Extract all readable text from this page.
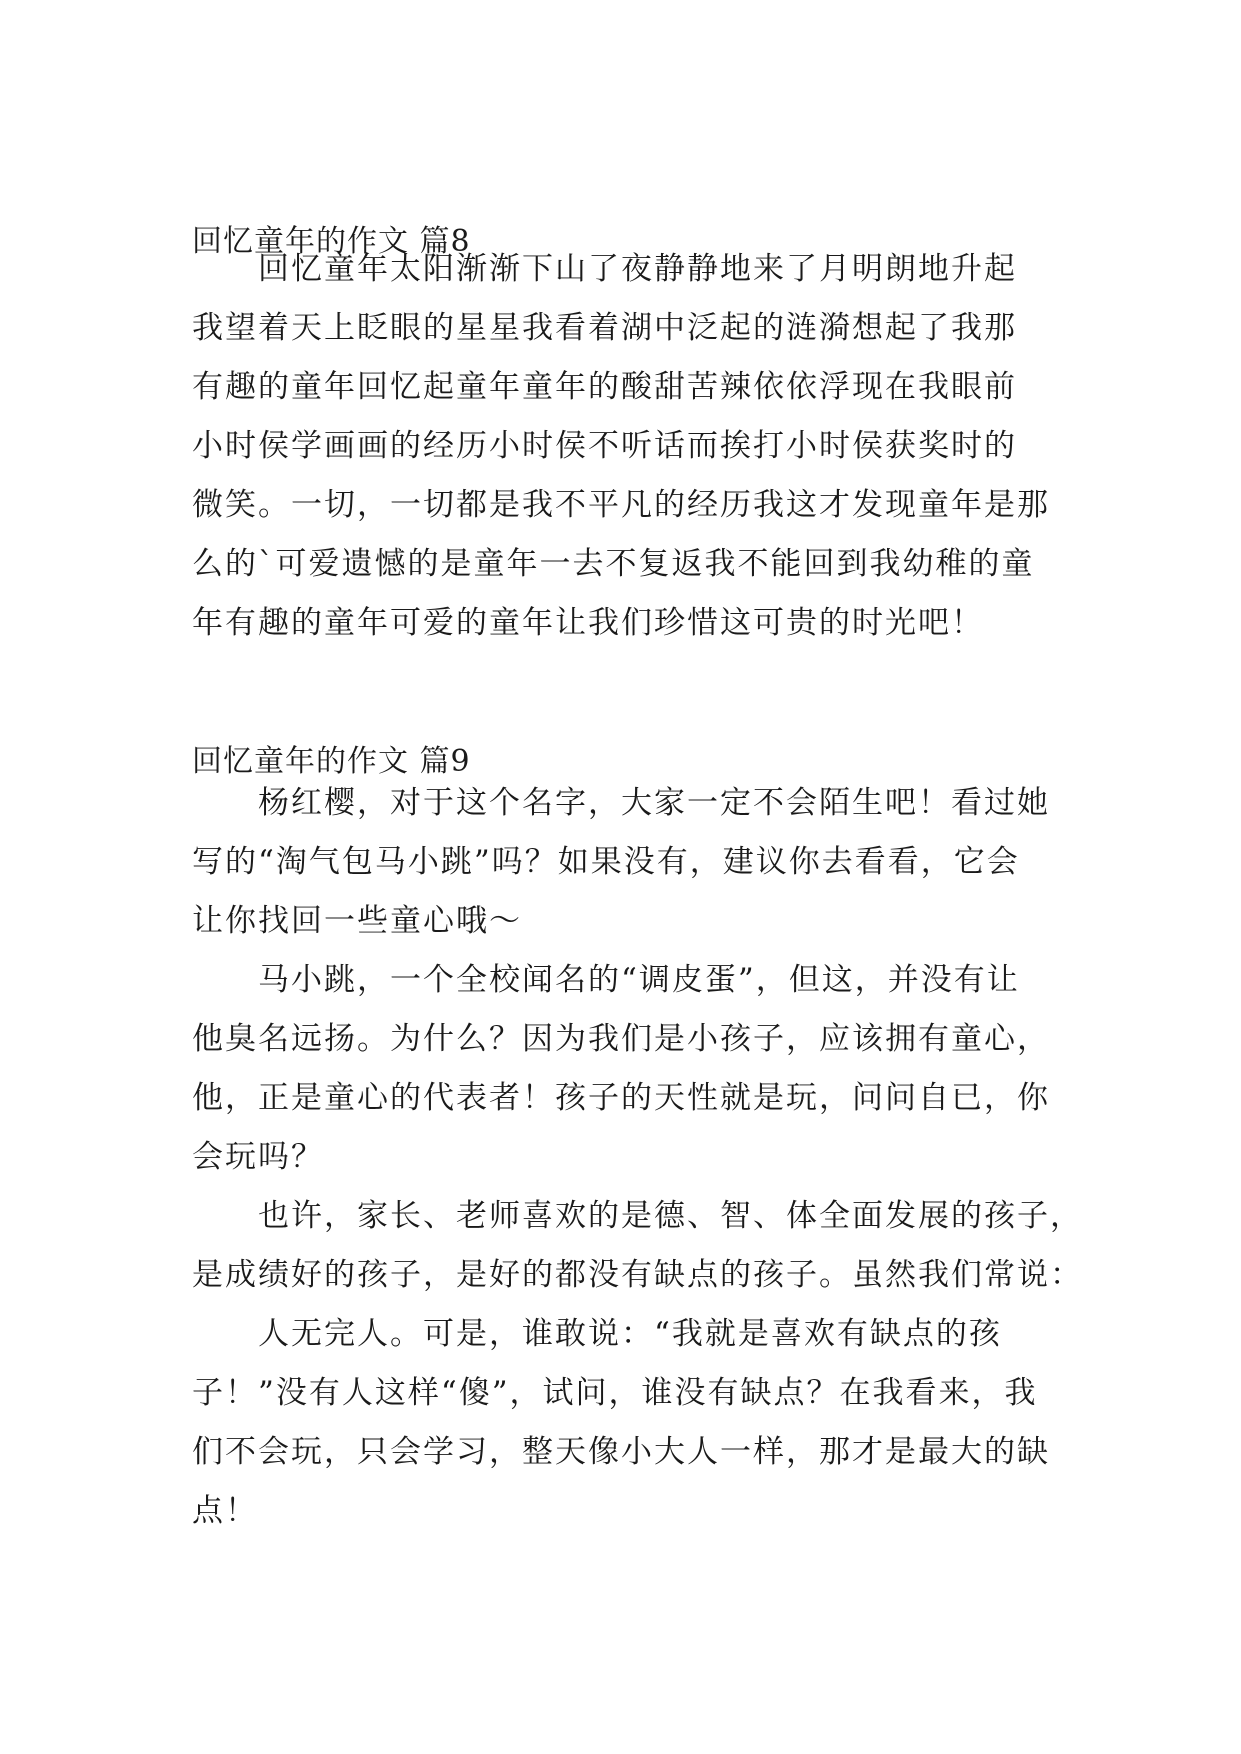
回忆童年的作文 篇8
回忆童年太阳渐渐下山了夜静静地来了月明朗地升起
我望着天上眨眼的星星我看着湖中泛起的涟漪想起了我那
有趣的童年回忆起童年童年的酸甜苦辣依依浮现在我眼前
小时侯学画画的经历小时侯不听话而挨打小时侯获奖时的
微笑。一切，一切都是我不平凡的经历我这才发现童年是那
么的`可爱遗憾的是童年一去不复返我不能回到我幼稚的童
年有趣的童年可爱的童年让我们珍惜这可贵的时光吧！
回忆童年的作文 篇9
杨红樱，对于这个名字，大家一定不会陌生吧！看过她
写的“淘气包马小跳”吗？如果没有，建议你去看看，它会
让你找回一些童心哦～
马小跳，一个全校闻名的“调皮蛋”，但这，并没有让
他臭名远扬。为什么？因为我们是小孩子，应该拥有童心，
他，正是童心的代表者！孩子的天性就是玩，问问自已，你
会玩吗？
也许，家长、老师喜欢的是德、智、体全面发展的孩子，
是成绩好的孩子，是好的都没有缺点的孩子。虽然我们常说：
人无完人。可是，谁敢说：“我就是喜欢有缺点的孩
子！”没有人这样“傻”，试问，谁没有缺点？在我看来，我
们不会玩，只会学习，整天像小大人一样，那才是最大的缺
点！
